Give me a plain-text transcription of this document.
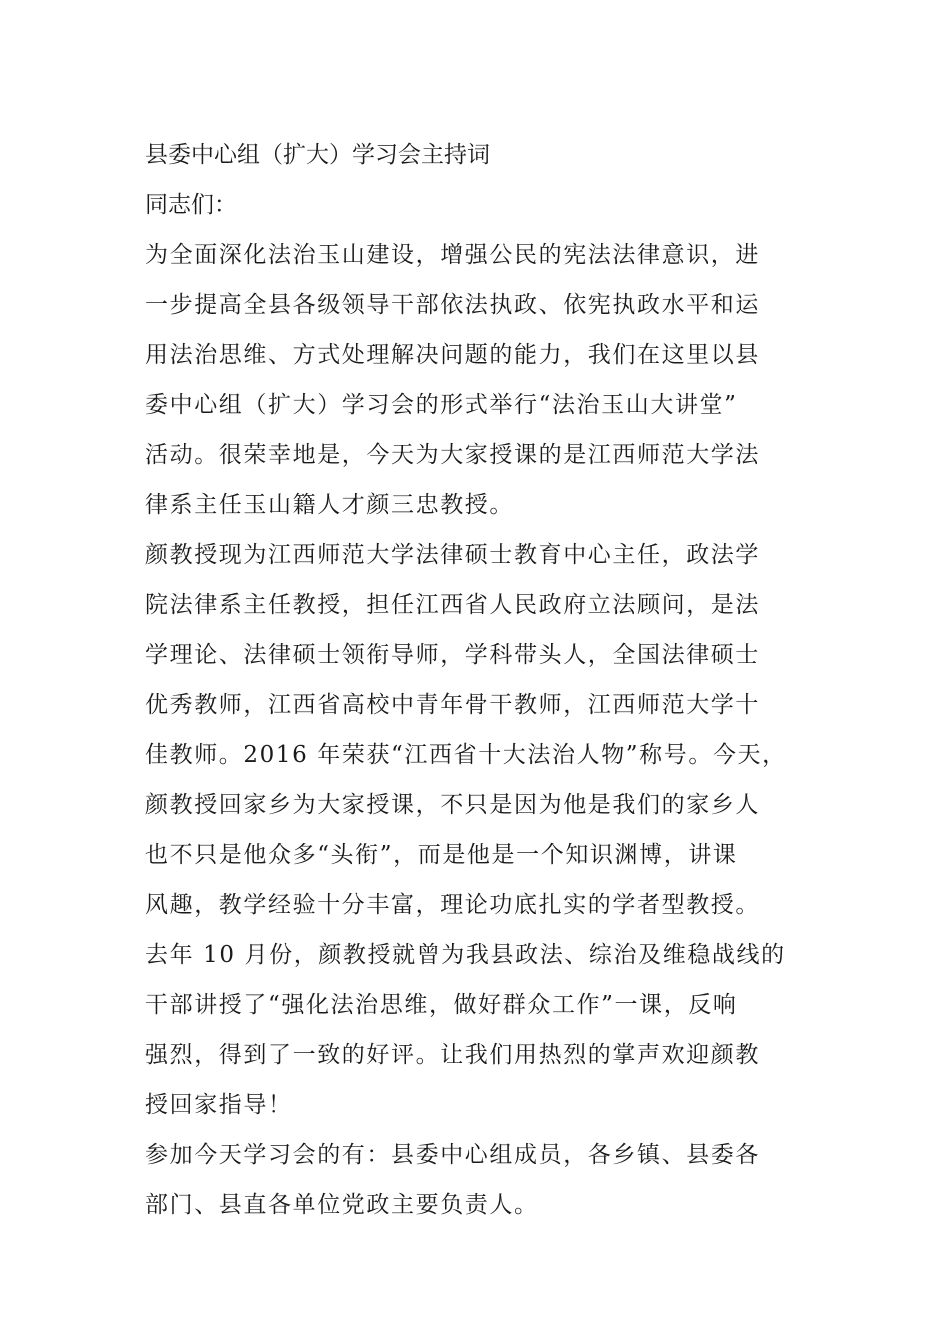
县委中心组（扩大）学习会主持词

同志们：

为全面深化法治玉山建设，增强公民的宪法法律意识，进
一步提高全县各级领导干部依法执政、依宪执政水平和运
用法治思维、方式处理解决问题的能力，我们在这里以县
委中心组（扩大）学习会的形式举行“法治玉山大讲堂”
活动。很荣幸地是，今天为大家授课的是江西师范大学法
律系主任玉山籍人才颜三忠教授。

颜教授现为江西师范大学法律硕士教育中心主任，政法学
院法律系主任教授，担任江西省人民政府立法顾问，是法
学理论、法律硕士领衔导师，学科带头人，全国法律硕士
优秀教师，江西省高校中青年骨干教师，江西师范大学十
佳教师。2016 年荣获“江西省十大法治人物”称号。今天，
颜教授回家乡为大家授课，不只是因为他是我们的家乡人
也不只是他众多“头衔”，而是他是一个知识渊博，讲课
风趣，教学经验十分丰富，理论功底扎实的学者型教授。
去年 10 月份，颜教授就曾为我县政法、综治及维稳战线的
干部讲授了“强化法治思维，做好群众工作”一课，反响
强烈，得到了一致的好评。让我们用热烈的掌声欢迎颜教
授回家指导！

参加今天学习会的有：县委中心组成员，各乡镇、县委各
部门、县直各单位党政主要负责人。
